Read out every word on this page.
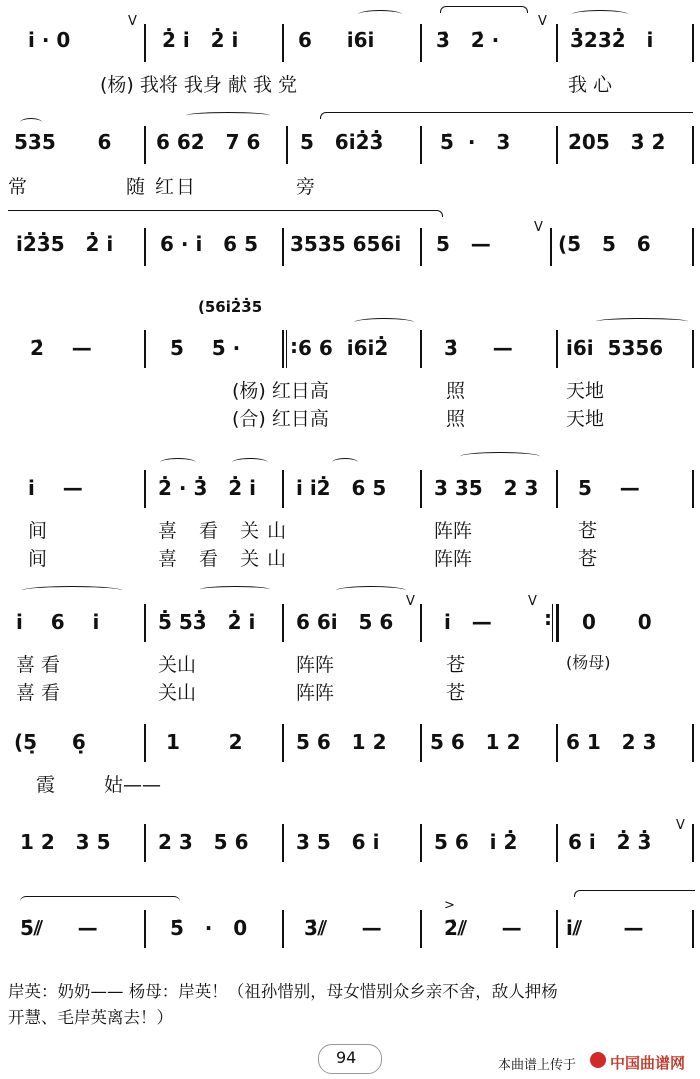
i · 0
V
2̇ i   2̇ i	6     i6i	3̇   2̇ ·
V
3̇232̇   i
(杨) 我将 我身 献 我 党	我 心
535      6 6 62̇   7 6 5   6i2̇3̇	5̇  ·   3	2̇05   3̇ 2̇
常	随 红日	旁
i2̇3̇5   2̇ i 6 · i   6 5 3535 656i 5   —
V
(5̇   5   6̇
(56i2̇3̇5
2̇    —	5̇    5̇ · : 6 6  i6i2̇	3̇     —	i6i  5356
(杨) 红日高	照	天地
(合) 红日高	照	天地
i    —	2̇ · 3̇   2̇ i i i2̇   6 5 3 35   2 3 5    —
间	喜 看 关山	阵阵	苍
间	喜 看 关山	阵阵	苍
i    6    i	5̇ 53̇   2̇ i 6 6i   5 6
V
i   —
V
: 0      0
喜 看	关山	阵阵	苍	(杨母)
喜 看	关山	阵阵	苍
(5̣     6̣	1       2	5 6   1 2 5 6   1 2 6 1   2 3
霞	姑——
1 2   3 5 2 3   5 6 3 5   6 i	5 6   i 2̇	6 i   2̇ 3̇
V
5̇⫽     —	5̇   ·   0	3̇⫽     —
>
2̇⫽     — i⫽      —
岸英：奶奶—— 杨母：岸英！（祖孙惜别，母女惜别众乡亲不舍，敌人押杨
开慧、毛岸英离去！）
94	本曲谱上传于 中国曲谱网
